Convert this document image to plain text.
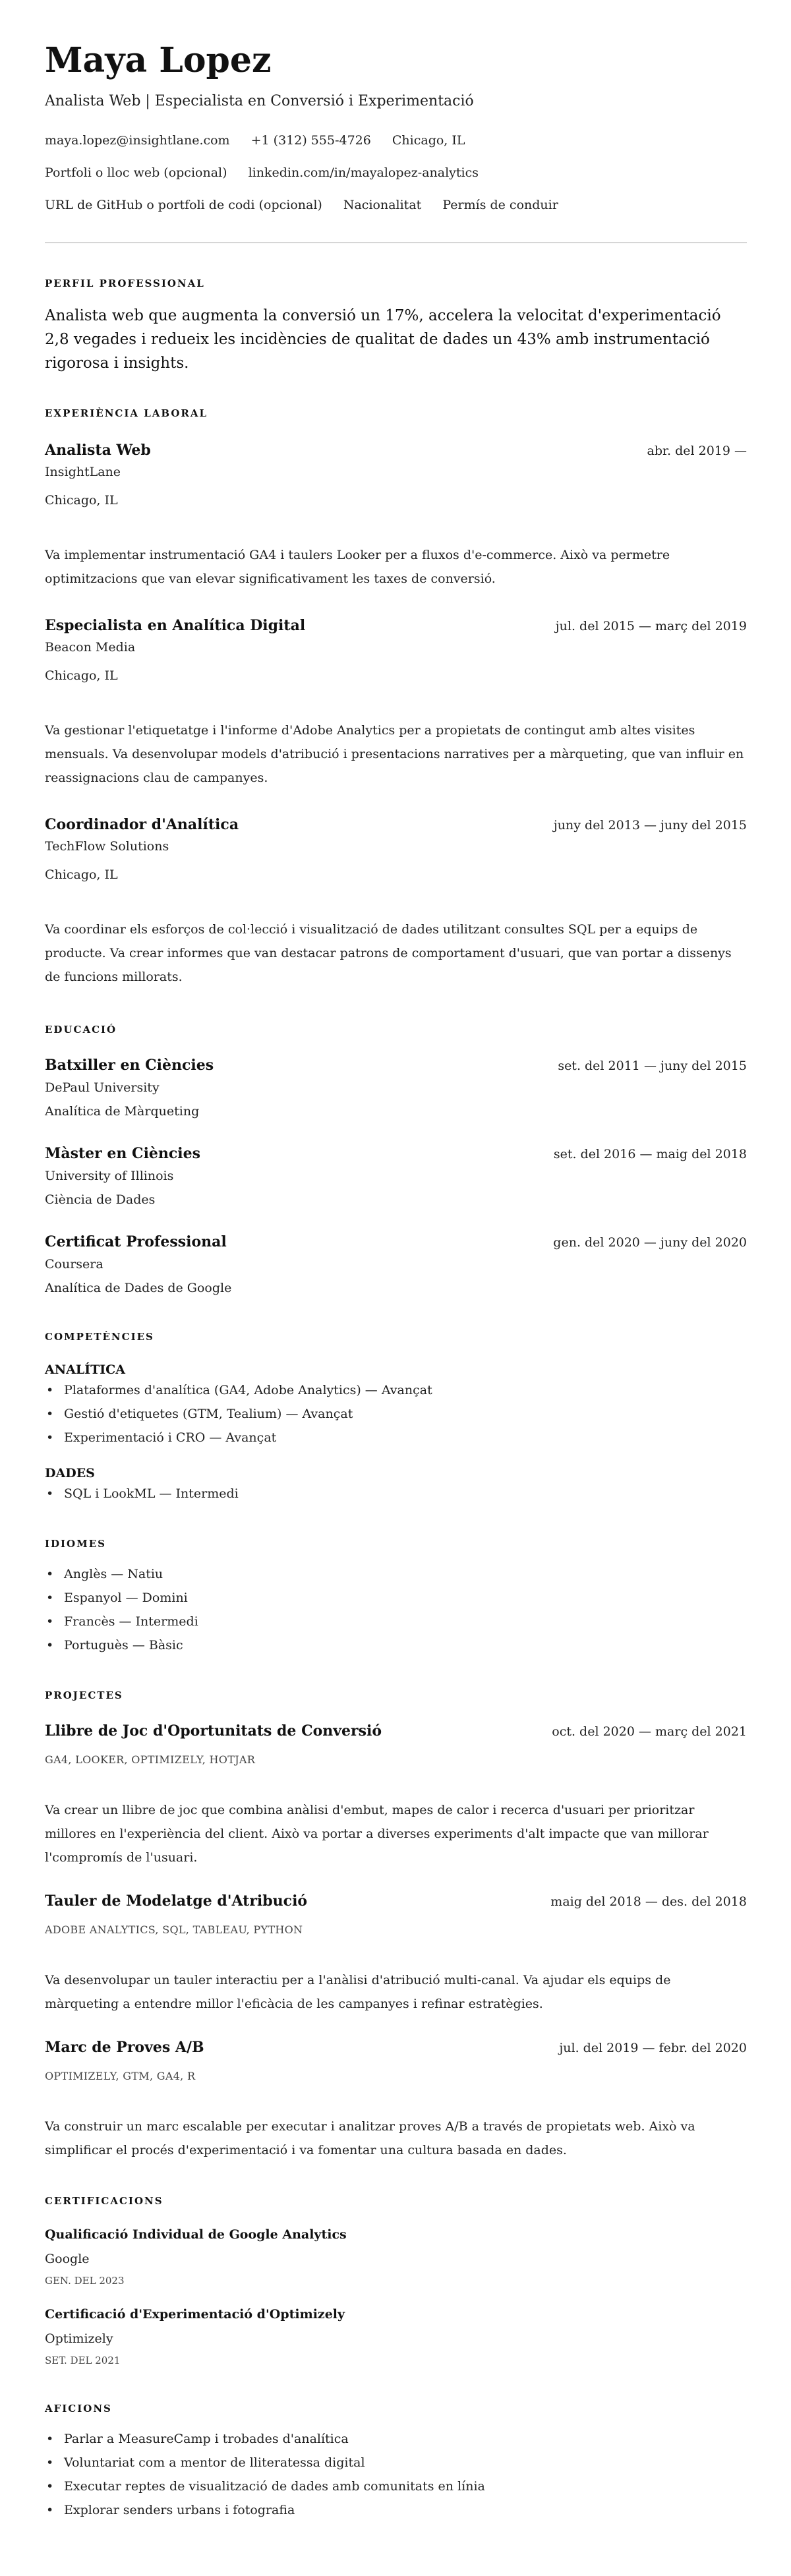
Maya Lopez
Analista Web | Especialista en Conversió i Experimentació
maya.lopez@insightlane.com +1 (312) 555-4726 Chicago, IL
Portfoli o lloc web (opcional) linkedin.com/in/mayalopez-analytics
URL de GitHub o portfoli de codi (opcional) Nacionalitat Permís de conduir
PERFIL PROFESSIONAL

Analista web que augmenta la conversió un 17%, accelera la velocitat d'experimentació 2,8 vegades i redueix les incidències de qualitat de dades un 43% amb instrumentació rigorosa i insights.

EXPERIÈNCIA LABORAL
Analista Web	abr. del 2019 —
InsightLane
Chicago, IL
Va implementar instrumentació GA4 i taulers Looker per a fluxos d'e-commerce. Això va permetre optimitzacions que van elevar significativament les taxes de conversió.
Especialista en Analítica Digital	jul. del 2015 — març del 2019
Beacon Media
Chicago, IL
Va gestionar l'etiquetatge i l'informe d'Adobe Analytics per a propietats de contingut amb altes visites mensuals. Va desenvolupar models d'atribució i presentacions narratives per a màrqueting, que van influir en reassignacions clau de campanyes.
Coordinador d'Analítica	juny del 2013 — juny del 2015
TechFlow Solutions
Chicago, IL
Va coordinar els esforços de col·lecció i visualització de dades utilitzant consultes SQL per a equips de producte. Va crear informes que van destacar patrons de comportament d'usuari, que van portar a dissenys de funcions millorats.
EDUCACIÓ
Batxiller en Ciències	set. del 2011 — juny del 2015
DePaul University
Analítica de Màrqueting
Màster en Ciències	set. del 2016 — maig del 2018
University of Illinois
Ciència de Dades
Certificat Professional	gen. del 2020 — juny del 2020
Coursera
Analítica de Dades de Google
COMPETÈNCIES
ANALÍTICA
• Plataformes d'analítica (GA4, Adobe Analytics) — Avançat
• Gestió d'etiquetes (GTM, Tealium) — Avançat
• Experimentació i CRO — Avançat
DADES
• SQL i LookML — Intermedi
IDIOMES
• Anglès — Natiu
• Espanyol — Domini
• Francès — Intermedi
• Portuguès — Bàsic
PROJECTES
Llibre de Joc d'Oportunitats de Conversió	oct. del 2020 — març del 2021
GA4, LOOKER, OPTIMIZELY, HOTJAR
Va crear un llibre de joc que combina anàlisi d'embut, mapes de calor i recerca d'usuari per prioritzar millores en l'experiència del client. Això va portar a diverses experiments d'alt impacte que van millorar l'compromís de l'usuari.
Tauler de Modelatge d'Atribució	maig del 2018 — des. del 2018
ADOBE ANALYTICS, SQL, TABLEAU, PYTHON
Va desenvolupar un tauler interactiu per a l'anàlisi d'atribució multi-canal. Va ajudar els equips de màrqueting a entendre millor l'eficàcia de les campanyes i refinar estratègies.
Marc de Proves A/B	jul. del 2019 — febr. del 2020
OPTIMIZELY, GTM, GA4, R
Va construir un marc escalable per executar i analitzar proves A/B a través de propietats web. Això va simplificar el procés d'experimentació i va fomentar una cultura basada en dades.
CERTIFICACIONS
Qualificació Individual de Google Analytics
Google
GEN. DEL 2023
Certificació d'Experimentació d'Optimizely
Optimizely
SET. DEL 2021
AFICIONS
• Parlar a MeasureCamp i trobades d'analítica
• Voluntariat com a mentor de lliteratessa digital
• Executar reptes de visualització de dades amb comunitats en línia
• Explorar senders urbans i fotografia
